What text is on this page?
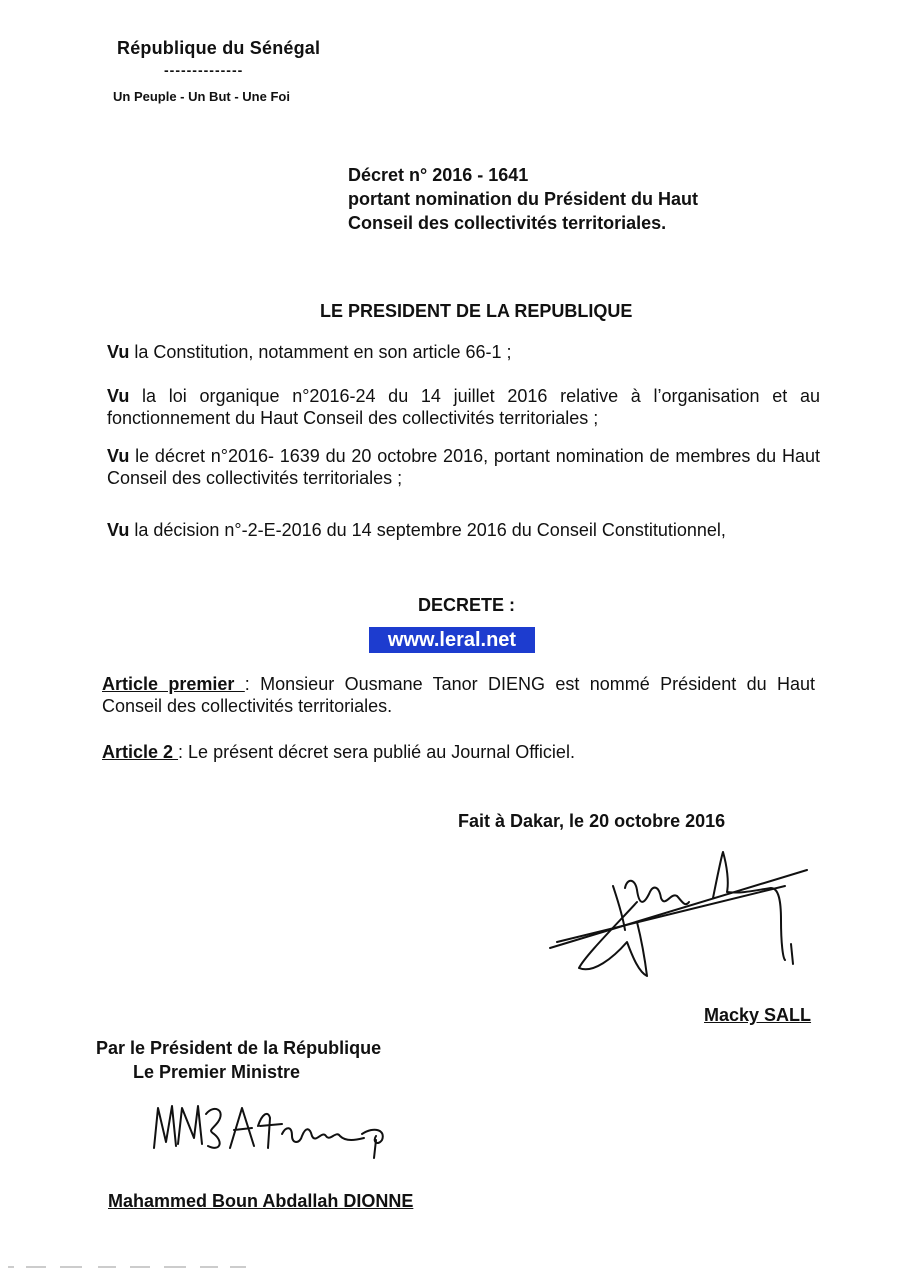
République du Sénégal
--------------
Un Peuple - Un But - Une Foi
Décret n° 2016 - 1641
portant nomination du Président du Haut
Conseil des collectivités territoriales.
LE PRESIDENT DE LA REPUBLIQUE

Vu la Constitution, notamment en son article 66-1 ;

Vu la loi organique n°2016-24 du 14 juillet 2016 relative à l’organisation et au fonctionnement du Haut Conseil des collectivités territoriales ;

Vu le décret n°2016- 1639 du 20 octobre 2016, portant nomination de membres du Haut Conseil des collectivités territoriales ;

Vu la décision n°-2-E-2016 du 14 septembre 2016 du Conseil Constitutionnel,

DECRETE :
www.leral.net

Article premier : Monsieur Ousmane Tanor DIENG est nommé Président du Haut Conseil des collectivités territoriales.

Article 2 : Le présent décret sera publié au Journal Officiel.

Fait à Dakar, le 20 octobre 2016
Macky SALL
Par le Président de la République
Le Premier Ministre
Mahammed Boun Abdallah DIONNE
